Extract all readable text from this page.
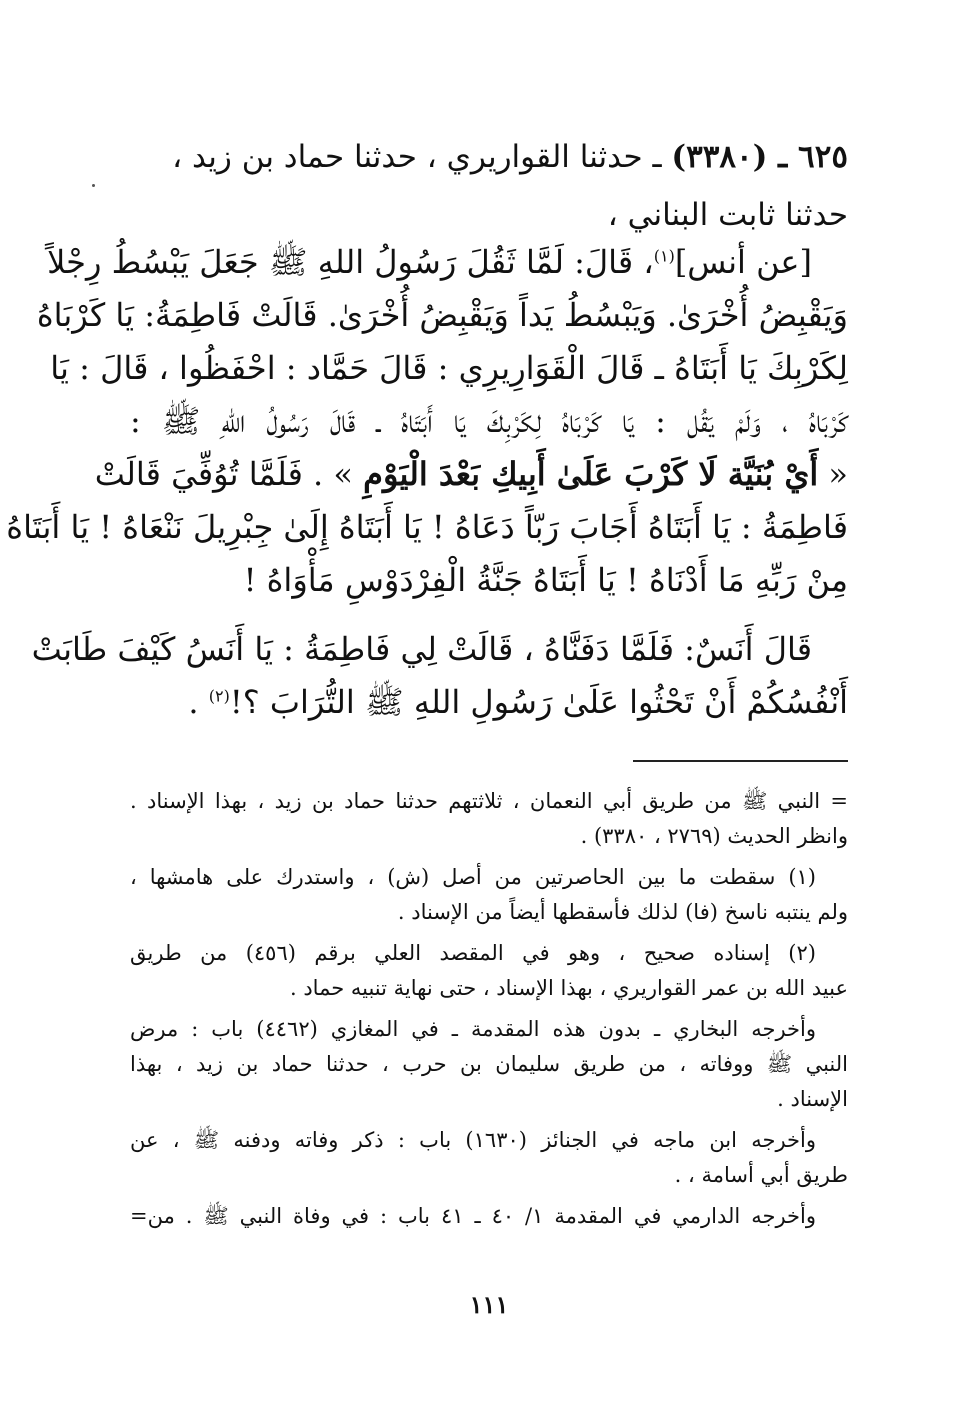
٦٢٥ ـ (٣٣٨٠) ـ حدثنا القواريري ، حدثنا حماد بن زيد ،
حدثنا ثابت البناني ،
[عن أنس]$^{(١)}$، قَالَ: لَمَّا ثَقُلَ رَسُولُ اللهِ ﷺ جَعَلَ يَبْسُطُ رِجْلاً
وَيَقْبِضُ أُخْرَىٰ. وَيَبْسُطُ يَداً وَيَقْبِضُ أُخْرَىٰ. قَالَتْ فَاطِمَةُ: يَا كَرْبَاهُ
لِكَرْبِكَ يَا أَبَتَاهُ ـ قَالَ الْقَوَارِيرِي : قَالَ حَمَّاد : احْفَظُوا ، قَالَ : يَا
كَرْبَاهُ ، وَلَمْ يَقُل : يَا كَرْبَاهُ لِكَرْبِكَ يَا أَبَتَاهُ ـ قَالَ رَسُولُ اللهِ ﷺ :
« أَيْ بُنَيَّة لَا كَرْبَ عَلَىٰ أَبِيكِ بَعْدَ الْيَوْمِ » . فَلَمَّا تُوُفِّيَ قَالَتْ
فَاطِمَةُ : يَا أَبَتَاهُ أَجَابَ رَبّاً دَعَاهُ ! يَا أَبَتَاهُ إِلَىٰ جِبْرِيلَ نَنْعَاهُ ! يَا أَبَتَاهُ
مِنْ رَبِّهِ مَا أَدْنَاهُ ! يَا أَبَتَاهُ جَنَّةُ الْفِرْدَوْسِ مَأْوَاهُ !
قَالَ أَنَسٌ: فَلَمَّا دَفَنَّاهُ ، قَالَتْ لِي فَاطِمَةُ : يَا أَنَسُ كَيْفَ طَابَتْ
أَنْفُسُكُمْ أَنْ تَحْثُوا عَلَىٰ رَسُولِ اللهِ ﷺ التُّرَابَ ؟!$^{(٢)}$ .
= النبي ﷺ من طريق أبي النعمان ، ثلاثتهم حدثنا حماد بن زيد ، بهذا الإسناد .
وانظر الحديث (٢٧٦٩ ، ٣٣٨٠) .
(١) سقطت ما بين الحاصرتين من أصل (ش) ، واستدرك على هامشها ،
ولم ينتبه ناسخ (فا) لذلك فأسقطها أيضاً من الإسناد .
(٢) إسناده صحيح ، وهو في المقصد العلي برقم (٤٥٦) من طريق
عبيد الله بن عمر القواريري ، بهذا الإسناد ، حتى نهاية تنبيه حماد .
وأخرجه البخاري ـ بدون هذه المقدمة ـ في المغازي (٤٤٦٢) باب : مرض
النبي ﷺ ووفاته ، من طريق سليمان بن حرب ، حدثنا حماد بن زيد ، بهذا
الإسناد .
وأخرجه ابن ماجه في الجنائز (١٦٣٠) باب : ذكر وفاته ودفنه ﷺ ، عن
طريق أبي أسامة ، .
وأخرجه الدارمي في المقدمة ١/ ٤٠ ـ ٤١ باب : في وفاة النبي ﷺ . من=
١١١
